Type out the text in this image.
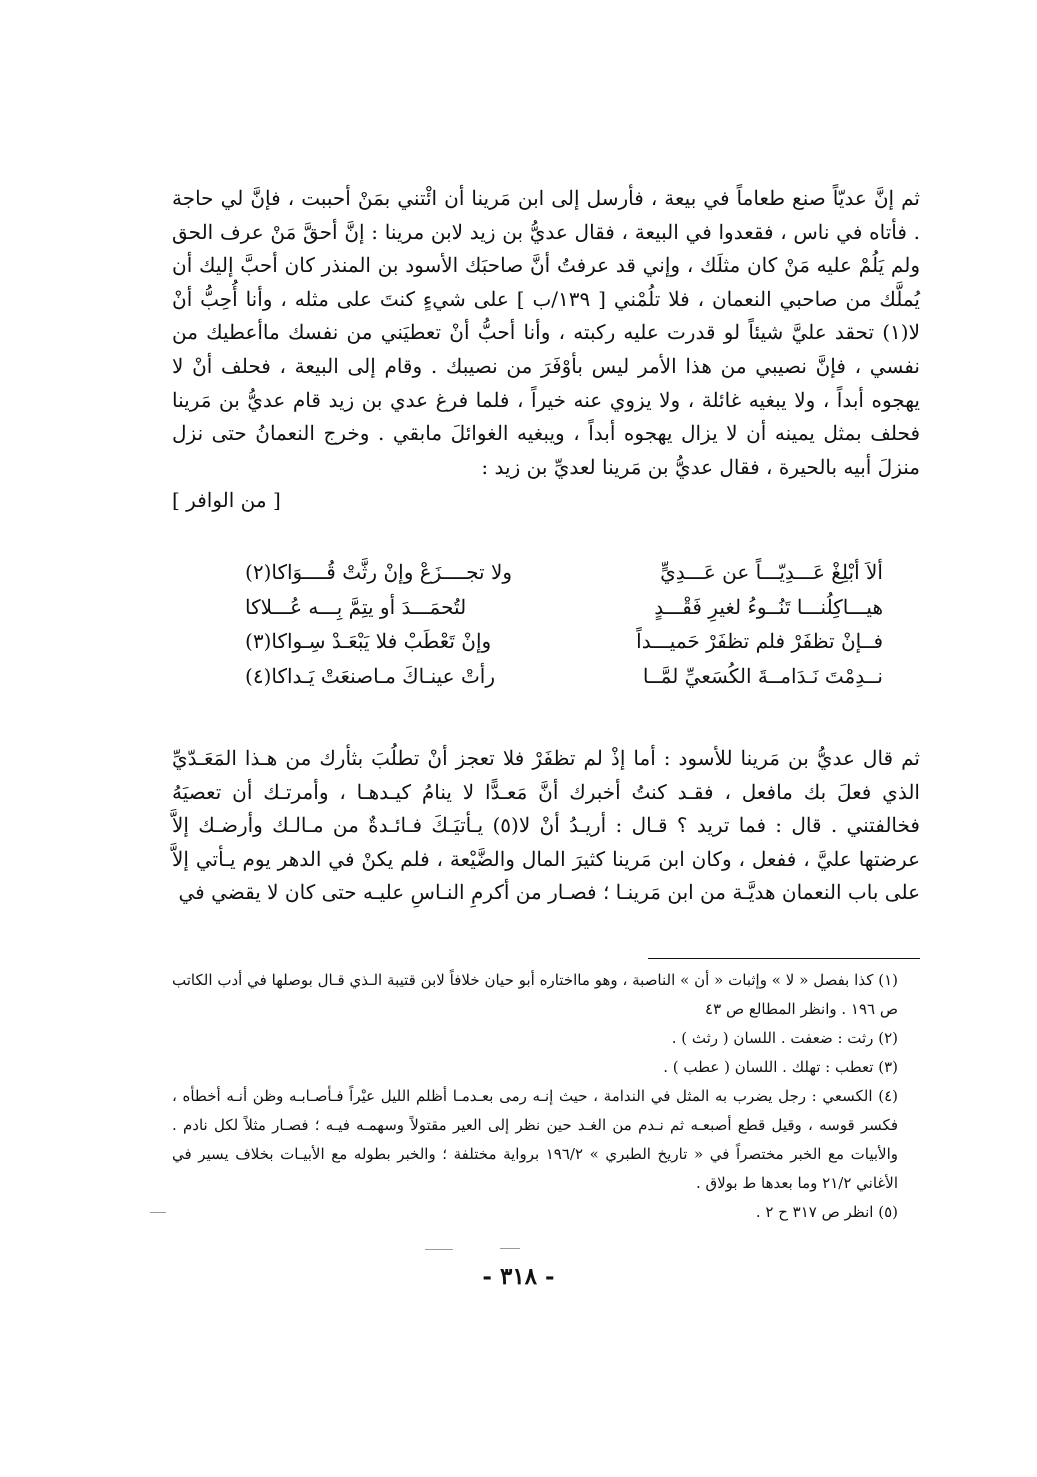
ثم إنَّ عديّاً صنع طعاماً في بيعة ، فأرسل إلى ابن مَرينا أن ائْتني بمَنْ أحببت ، فإنَّ لي حاجة . فأتاه في ناس ، فقعدوا في البيعة ، فقال عديُّ بن زيد لابن مرينا : إنَّ أحقَّ مَنْ عرف الحق ولم يَلُمْ عليه مَنْ كان مثلَك ، وإني قد عرفتُ أنَّ صاحبَك الأسود بن المنذر كان أحبَّ إليك أن يُملَّك من صاحبي النعمان ، فلا تلُمْني [ ١٣٩/ب ] على شيءٍ كنتَ على مثله ، وأنا أُحِبُّ أنْ لا(١) تحقد عليَّ شيئاً لو قدرت عليه ركبته ، وأنا أحبُّ أنْ تعطيَني من نفسك ماأعطيك من نفسي ، فإنَّ نصيبي من هذا الأمر ليس بأوْفَرَ من نصيبك . وقام إلى البيعة ، فحلف أنْ لا يهجوه أبداً ، ولا يبغيه غائلة ، ولا يزوي عنه خيراً ، فلما فرغ عدي بن زيد قام عديُّ بن مَرينا فحلف بمثل يمينه أن لا يزال يهجوه أبداً ، ويبغيه الغوائلَ مابقي . وخرج النعمانُ حتى نزل منزلَ أبيه بالحيرة ، فقال عديُّ بن مَرينا لعديِّ بن زيد :
[ من الوافر ]

ألاَ أبْلِغْ عَـــدِيّـــاً عن عَـــدِيٍّ
ولا تجــــزَعْ وإنْ رثَّتْ قُــــوَاكا(٢)
هيـــاكِلُنـــا تَنُــوءُ لغيرِ فَقْـــدٍ
لتُحمَـــدَ أو يتِمَّ بِـــه عُـــلاكا
فــإنْ تظفَرْ فلم تظفَرْ حَميـــداً
وإنْ تَعْطَبْ فلا يَبْعَـدْ سِـواكا(٣)
نــدِمْتَ نَـدَامــةَ الكُسَعيِّ لمَّــا
رأتْ عينـاكَ مـاصنعَتْ يَـداكا(٤)

ثم قال عديُّ بن مَرينا للأسود : أما إذْ لم تظفَرْ فلا تعجز أنْ تطلُبَ بثأرك من هـذا المَعَـدّيِّ الذي فعلَ بك مافعل ، فقـد كنتُ أخبرك أنَّ مَعـدًّا لا ينامُ كيـدهـا ، وأمرتـك أن تعصيَهُ فخالفتني . قال : فما تريد ؟ قـال : أريـدُ أنْ لا(٥) يـأتيَـكَ فـائـدةٌ من مـالـك وأرضـك إلاَّ عرضتها عليَّ ، ففعل ، وكان ابن مَرينا كثيرَ المال والضَّيْعة ، فلم يكنْ في الدهر يوم يـأتي إلاَّ على باب النعمان هديَّـة من ابن مَرينـا ؛ فصـار من أكرمِ النـاسِ عليـه حتى كان لا يقضي في

(١) كذا بفصل « لا » وإثبات « أن » الناصبة ، وهو مااختاره أبو حيان خلافاً لابن قتيبة الـذي قـال بوصلها في أدب الكاتب ص ١٩٦ . وانظر المطالع ص ٤٣

(٢) رثت : ضعفت . اللسان ( رثث ) .

(٣) تعطب : تهلك . اللسان ( عطب ) .

(٤) الكسعي : رجل يضرب به المثل في الندامة ، حيث إنـه رمى بعـدمـا أظلم الليل عيْراً فـأصـابـه وظن أنـه أخطأه ، فكسر قوسه ، وقيل قطع أصبعـه ثم نـدم من الغـد حين نظر إلى العير مقتولاً وسهمـه فيـه ؛ فصـار مثلاً لكل نادم . والأبيات مع الخبر مختصراً في « تاريخ الطبري » ١٩٦/٢ برواية مختلفة ؛ والخبر بطوله مع الأبيـات بخلاف يسير في الأغاني ٢١/٢ وما بعدها ط بولاق .

(٥) انظر ص ٣١٧ ح ٢ .

- ٣١٨ -
